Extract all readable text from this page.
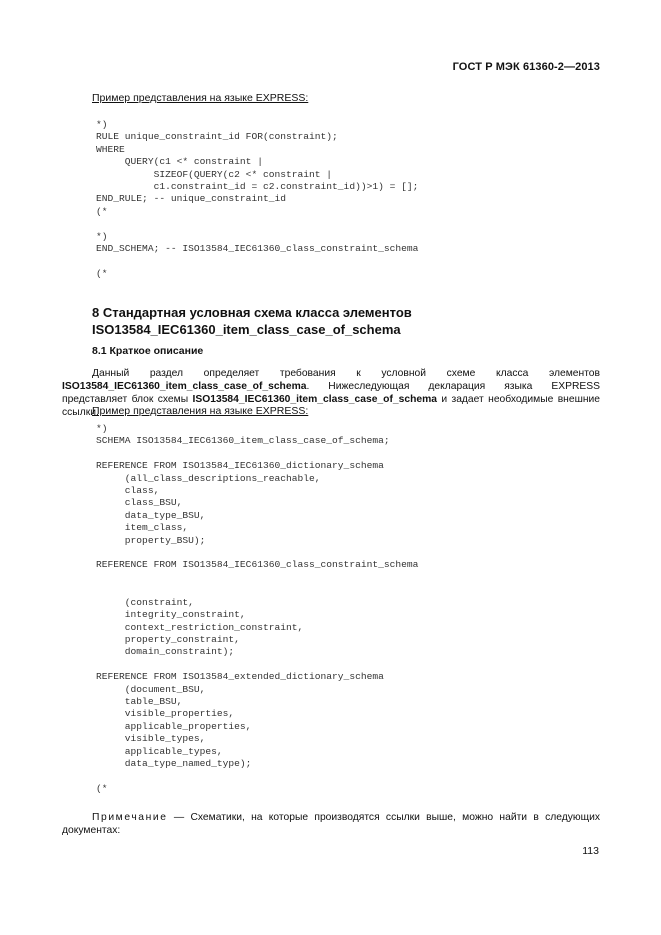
ГОСТ Р МЭК 61360-2—2013
Пример представления на языке EXPRESS:
*)
RULE unique_constraint_id FOR(constraint);
WHERE
QUERY(c1 <* constraint |
SIZEOF(QUERY(c2 <* constraint |
c1.constraint_id = c2.constraint_id))>1) = [];
END_RULE; -- unique_constraint_id
(*

*)
END_SCHEMA; -- ISO13584_IEC61360_class_constraint_schema

(*
8 Стандартная условная схема класса элементов
ISO13584_IEC61360_item_class_case_of_schema
8.1 Краткое описание
Данный раздел определяет требования к условной схеме класса элементов ISO13584_IEC61360_item_class_case_of_schema. Нижеследующая декларация языка EXPRESS представляет блок схемы ISO13584_IEC61360_item_class_case_of_schema и задает необходимые внешние ссылки.
Пример представления на языке EXPRESS:
*)
SCHEMA ISO13584_IEC61360_item_class_case_of_schema;

REFERENCE FROM ISO13584_IEC61360_dictionary_schema
(all_class_descriptions_reachable,
class,
class_BSU,
data_type_BSU,
item_class,
property_BSU);

REFERENCE FROM ISO13584_IEC61360_class_constraint_schema

(constraint,
integrity_constraint,
context_restriction_constraint,
property_constraint,
domain_constraint);

REFERENCE FROM ISO13584_extended_dictionary_schema
(document_BSU,
table_BSU,
visible_properties,
applicable_properties,
visible_types,
applicable_types,
data_type_named_type);

(*
Примечание — Схематики, на которые производятся ссылки выше, можно найти в следующих документах:
113
